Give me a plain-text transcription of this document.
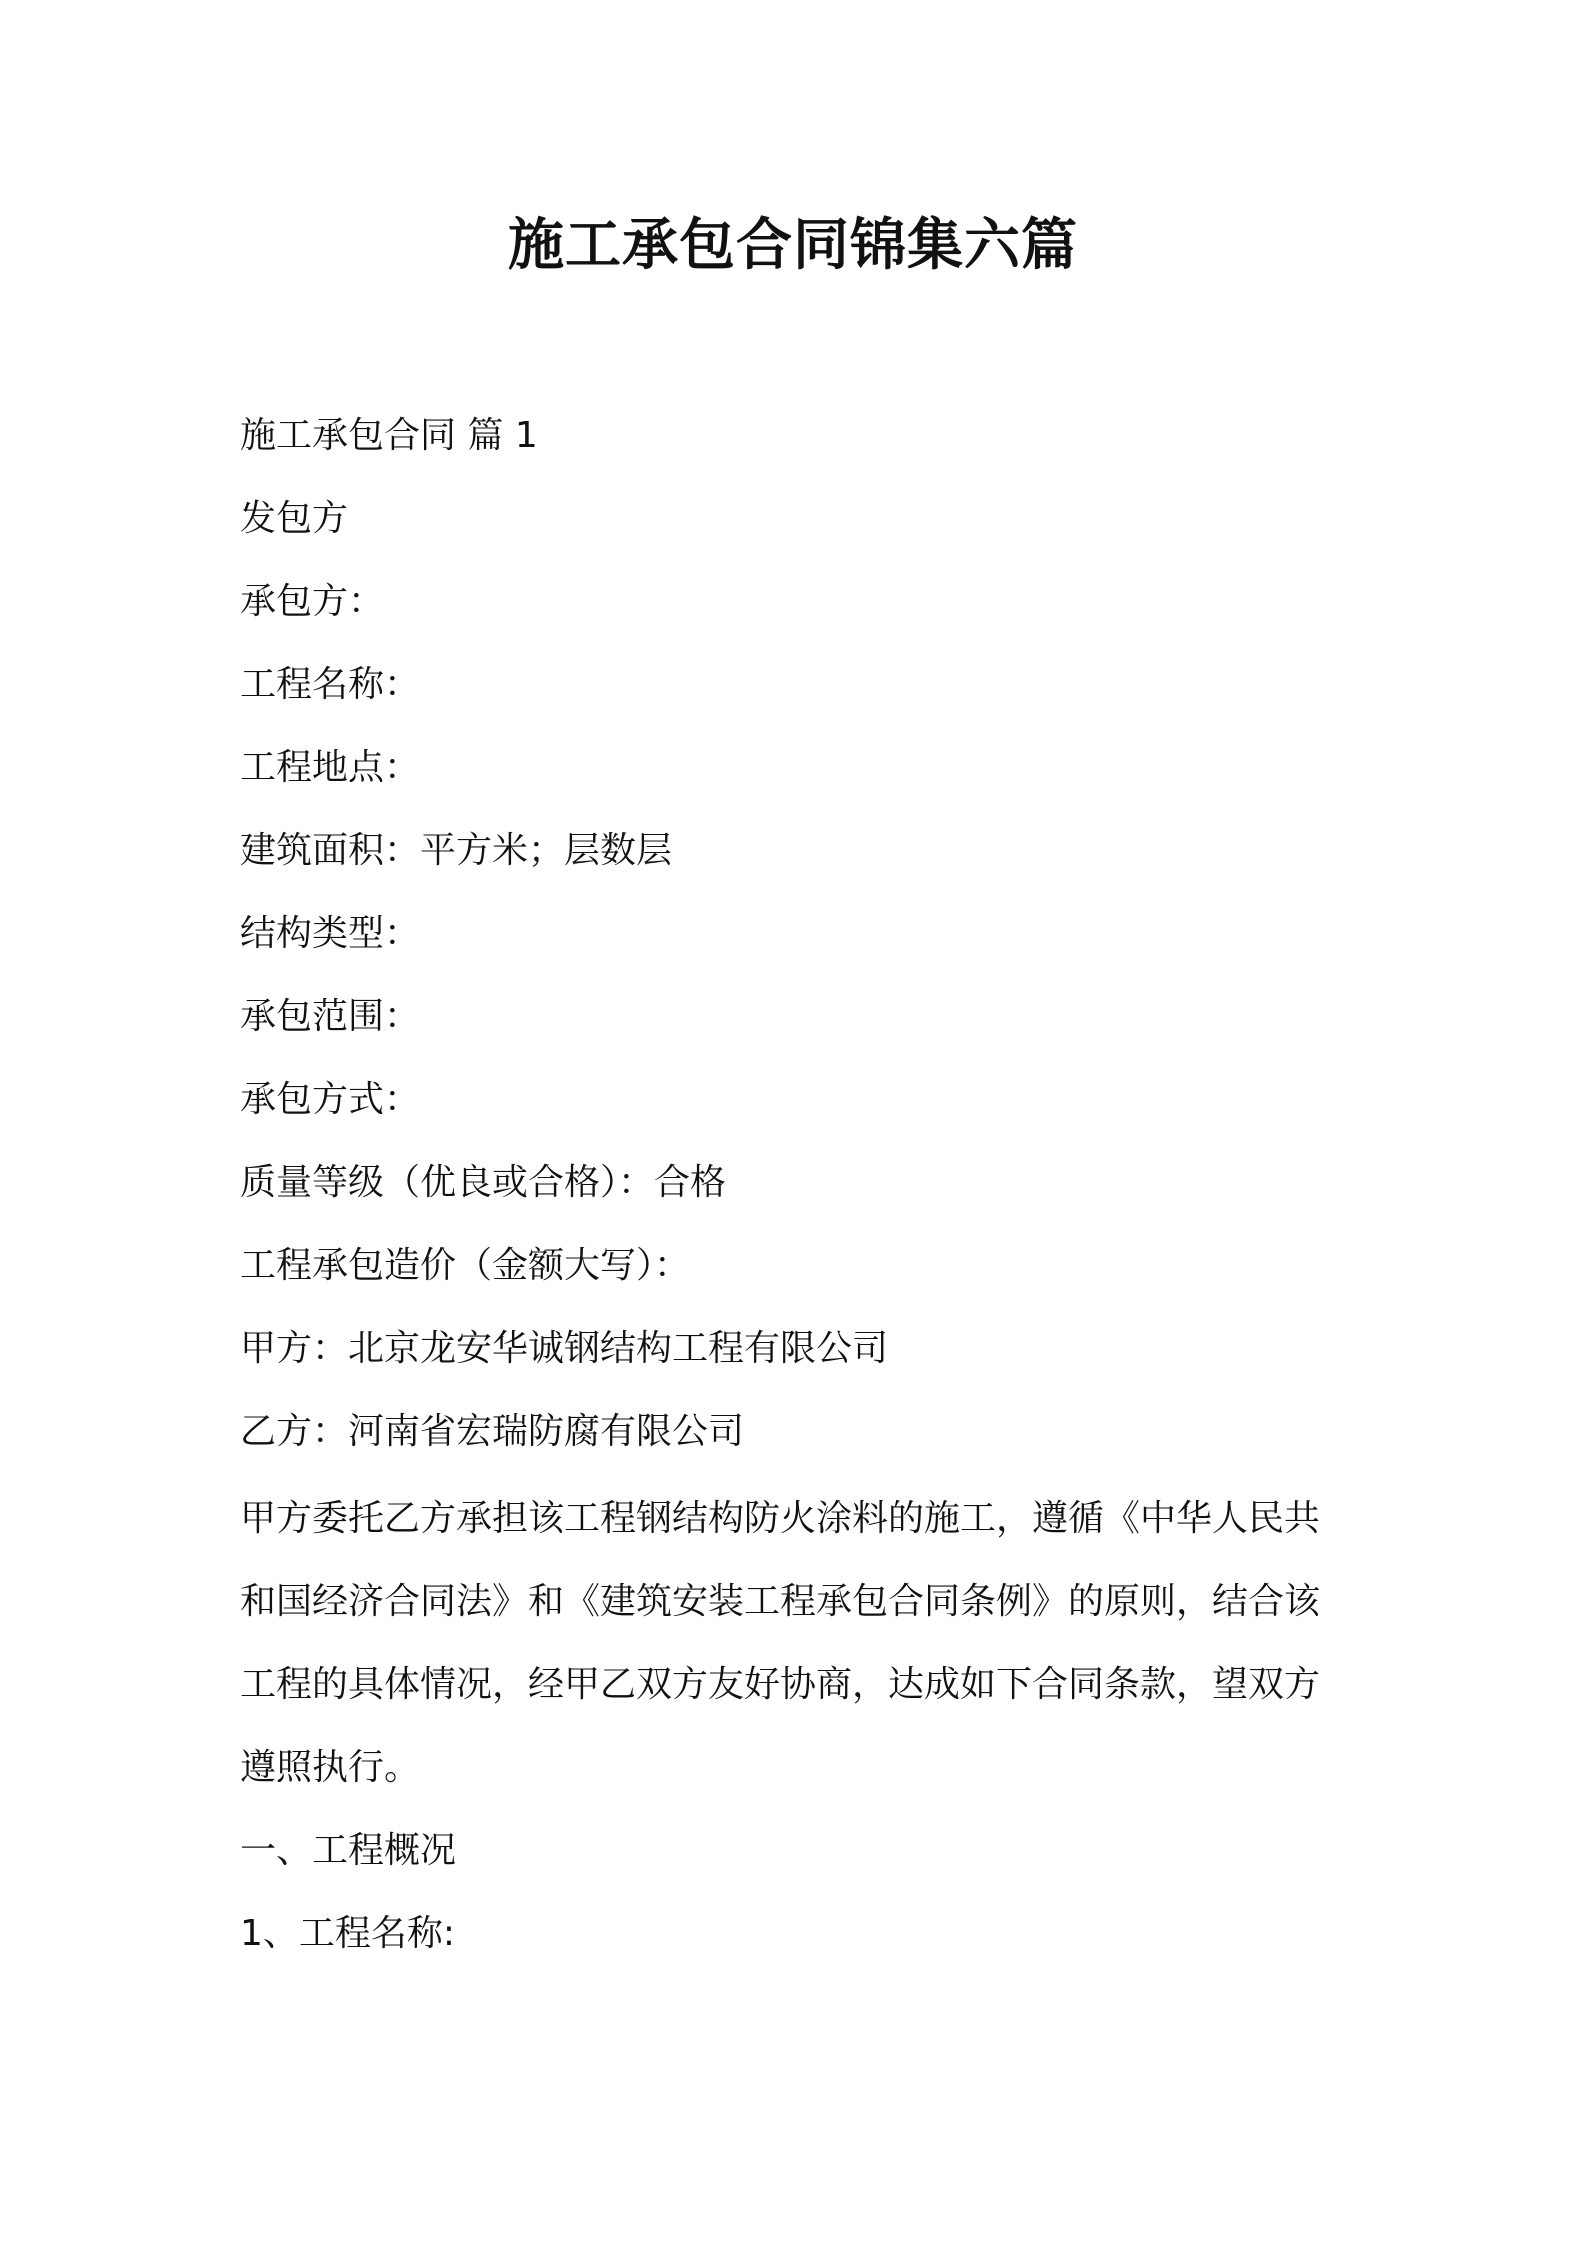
施工承包合同锦集六篇

施工承包合同 篇 1

发包方

承包方：

工程名称：

工程地点：

建筑面积：平方米；层数层

结构类型：

承包范围：

承包方式：

质量等级（优良或合格）：合格

工程承包造价（金额大写）：

甲方：北京龙安华诚钢结构工程有限公司

乙方：河南省宏瑞防腐有限公司

甲方委托乙方承担该工程钢结构防火涂料的施工，遵循《中华人民共
和国经济合同法》和《建筑安装工程承包合同条例》的原则，结合该
工程的具体情况，经甲乙双方友好协商，达成如下合同条款，望双方
遵照执行。

一、工程概况

1、工程名称:
